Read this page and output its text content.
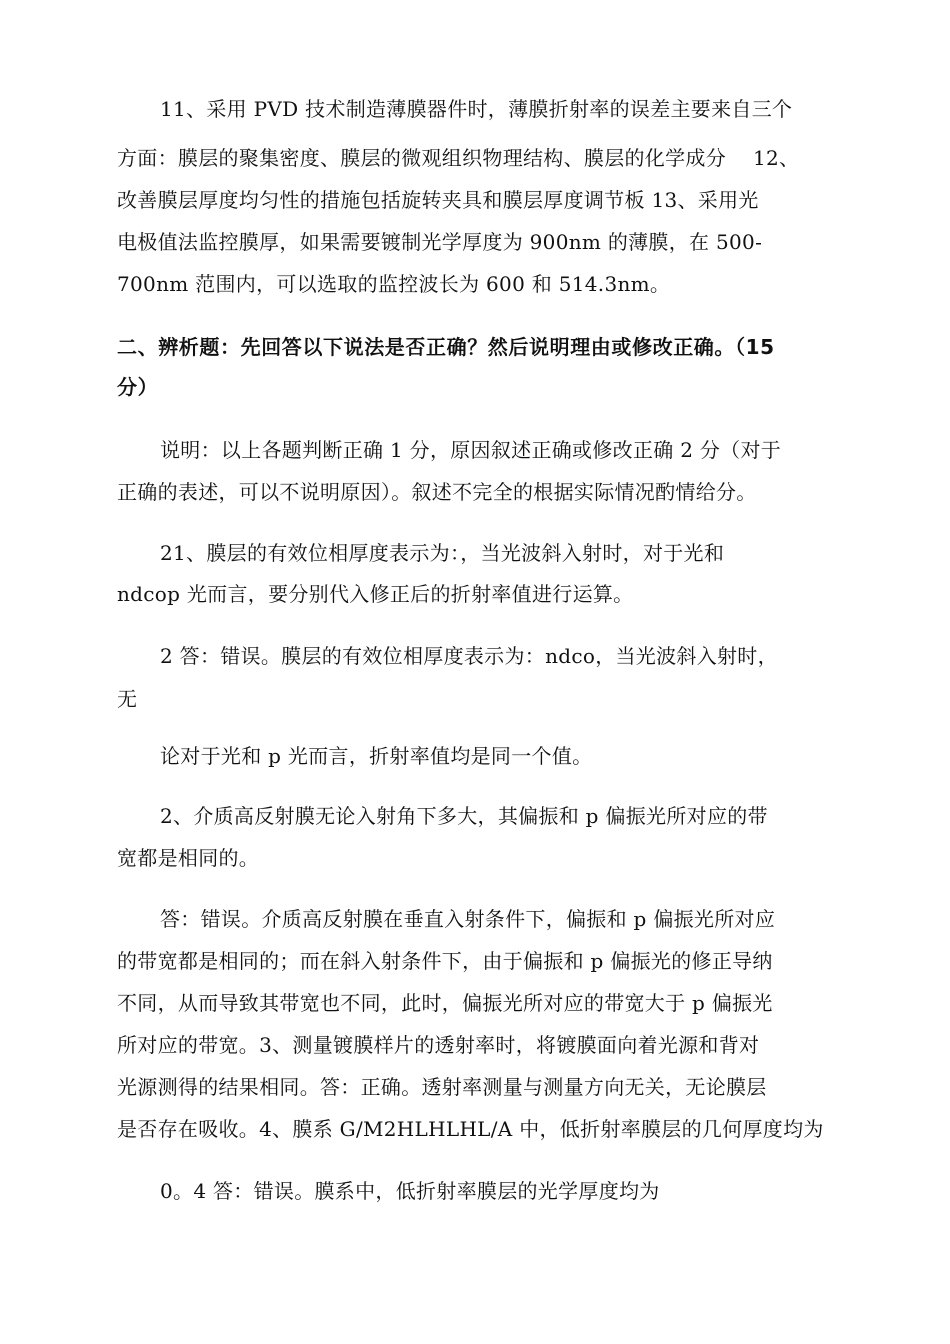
11、采用 PVD 技术制造薄膜器件时，薄膜折射率的误差主要来自三个
方面：膜层的聚集密度、膜层的微观组织物理结构、膜层的化学成分　 12、
改善膜层厚度均匀性的措施包括旋转夹具和膜层厚度调节板 13、采用光
电极值法监控膜厚，如果需要镀制光学厚度为 900nm 的薄膜，在 500-
700nm 范围内，可以选取的监控波长为 600 和 514.3nm。
二、辨析题：先回答以下说法是否正确？然后说明理由或修改正确。（15
分）
说明：以上各题判断正确 1 分，原因叙述正确或修改正确 2 分（对于
正确的表述，可以不说明原因）。叙述不完全的根据实际情况酌情给分。
21、膜层的有效位相厚度表示为：，当光波斜入射时，对于光和
ndcop 光而言，要分别代入修正后的折射率值进行运算。
2 答：错误。膜层的有效位相厚度表示为：ndco，当光波斜入射时，
无
论对于光和 p 光而言，折射率值均是同一个值。
2、介质高反射膜无论入射角下多大，其偏振和 p 偏振光所对应的带
宽都是相同的。
答：错误。介质高反射膜在垂直入射条件下，偏振和 p 偏振光所对应
的带宽都是相同的；而在斜入射条件下，由于偏振和 p 偏振光的修正导纳
不同，从而导致其带宽也不同，此时，偏振光所对应的带宽大于 p 偏振光
所对应的带宽。3、测量镀膜样片的透射率时，将镀膜面向着光源和背对
光源测得的结果相同。答：正确。透射率测量与测量方向无关，无论膜层
是否存在吸收。4、膜系 G/M2HLHLHL/A 中，低折射率膜层的几何厚度均为
0。4 答：错误。膜系中，低折射率膜层的光学厚度均为
